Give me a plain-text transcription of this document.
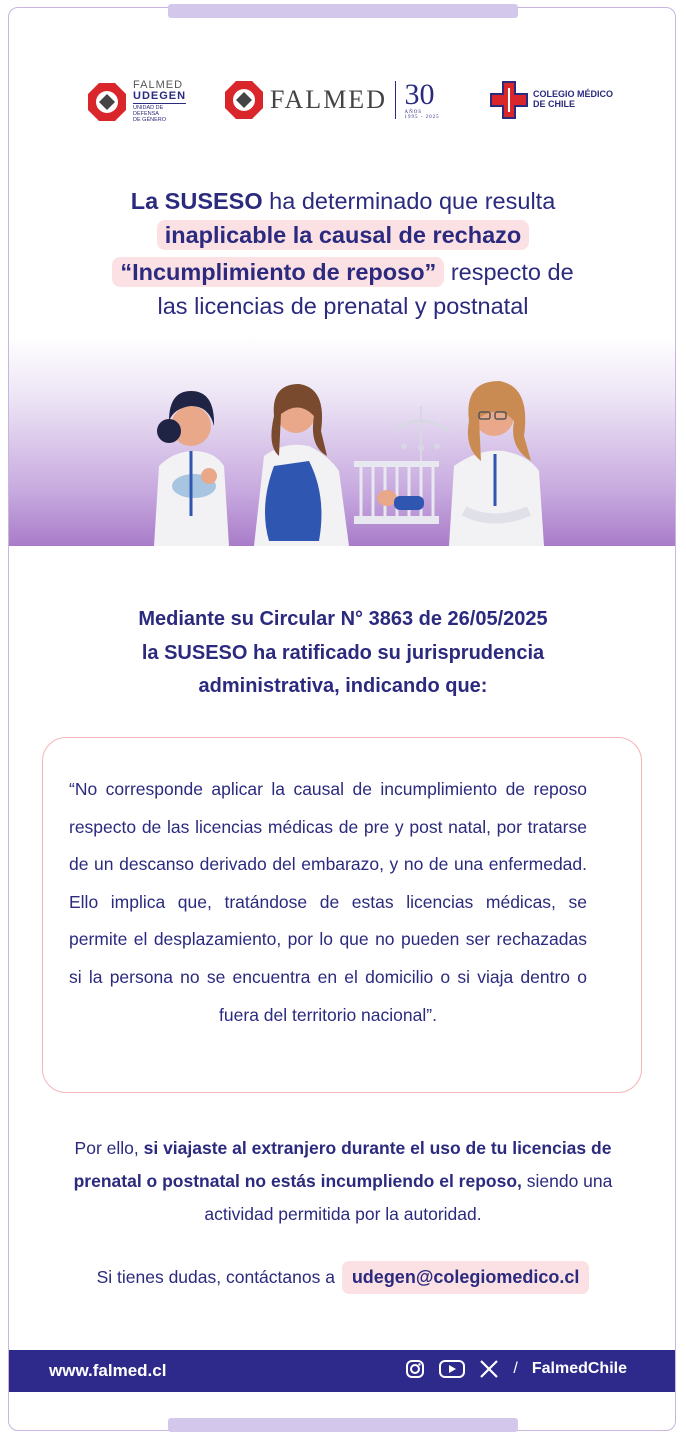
FALMED
UDEGEN
UNIDAD DE
DEFENSA
DE GÉNERO
FALMED 30
AÑOS
1995 - 2025
COLEGIO MÉDICO
DE CHILE
La SUSESO ha determinado que resulta
inaplicable la causal de rechazo
“Incumplimiento de reposo” respecto de
las licencias de prenatal y postnatal
Mediante su Circular N° 3863 de 26/05/2025
la SUSESO ha ratificado su jurisprudencia
administrativa, indicando que:
“No corresponde aplicar la causal de incumplimiento de reposo respecto de las licencias médicas de pre y post natal, por tratarse de un descanso derivado del embarazo, y no de una enfermedad. Ello implica que, tratándose de estas licencias médicas, se permite el desplazamiento, por lo que no pueden ser rechazadas si la persona no se encuentra en el domicilio o si viaja dentro o fuera del territorio nacional”.
Por ello, si viajaste al extranjero durante el uso de tu licencias de prenatal o postnatal no estás incumpliendo el reposo, siendo una actividad permitida por la autoridad.
Si tienes dudas, contáctanos a udegen@colegiomedico.cl
www.falmed.cl	/ FalmedChile
